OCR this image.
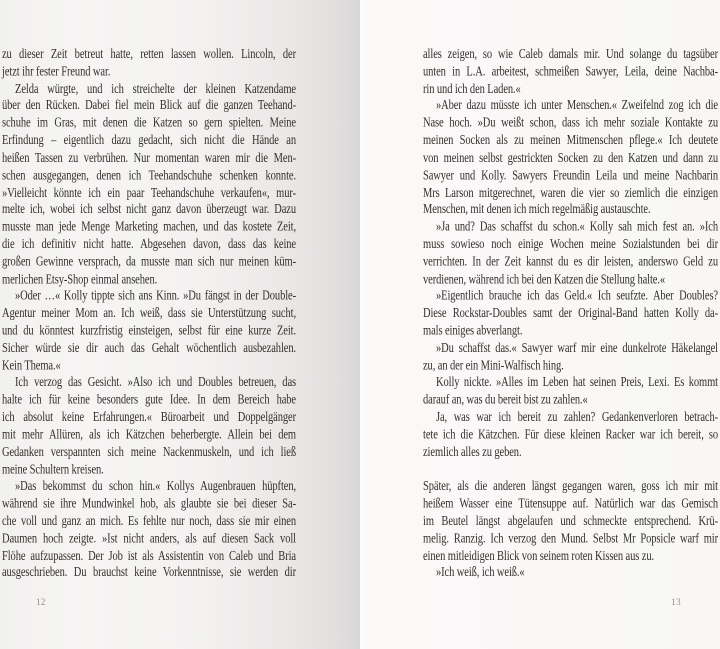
zu dieser Zeit betreut hatte, retten lassen wollen. Lincoln, der
jetzt ihr fester Freund war.
Zelda würgte, und ich streichelte der kleinen Katzendame
über den Rücken. Dabei fiel mein Blick auf die ganzen Teehand-
schuhe im Gras, mit denen die Katzen so gern spielten. Meine
Erfindung – eigentlich dazu gedacht, sich nicht die Hände an
heißen Tassen zu verbrühen. Nur momentan waren mir die Men-
schen ausgegangen, denen ich Teehandschuhe schenken konnte.
»Vielleicht könnte ich ein paar Teehandschuhe verkaufen«, mur-
melte ich, wobei ich selbst nicht ganz davon überzeugt war. Dazu
musste man jede Menge Marketing machen, und das kostete Zeit,
die ich definitiv nicht hatte. Abgesehen davon, dass das keine
großen Gewinne versprach, da musste man sich nur meinen küm-
merlichen Etsy-Shop einmal ansehen.
»Oder …« Kolly tippte sich ans Kinn. »Du fängst in der Double-
Agentur meiner Mom an. Ich weiß, dass sie Unterstützung sucht,
und du könntest kurzfristig einsteigen, selbst für eine kurze Zeit.
Sicher würde sie dir auch das Gehalt wöchentlich ausbezahlen.
Kein Thema.«
Ich verzog das Gesicht. »Also ich und Doubles betreuen, das
halte ich für keine besonders gute Idee. In dem Bereich habe
ich absolut keine Erfahrungen.« Büroarbeit und Doppelgänger
mit mehr Allüren, als ich Kätzchen beherbergte. Allein bei dem
Gedanken verspannten sich meine Nackenmuskeln, und ich ließ
meine Schultern kreisen.
»Das bekommst du schon hin.« Kollys Augenbrauen hüpften,
während sie ihre Mundwinkel hob, als glaubte sie bei dieser Sa-
che voll und ganz an mich. Es fehlte nur noch, dass sie mir einen
Daumen hoch zeigte. »Ist nicht anders, als auf diesen Sack voll
Flöhe aufzupassen. Der Job ist als Assistentin von Caleb und Bria
ausgeschrieben. Du brauchst keine Vorkenntnisse, sie werden dir
12
alles zeigen, so wie Caleb damals mir. Und solange du tagsüber
unten in L.A. arbeitest, schmeißen Sawyer, Leila, deine Nachba-
rin und ich den Laden.«
»Aber dazu müsste ich unter Menschen.« Zweifelnd zog ich die
Nase hoch. »Du weißt schon, dass ich mehr soziale Kontakte zu
meinen Socken als zu meinen Mitmenschen pflege.« Ich deutete
von meinen selbst gestrickten Socken zu den Katzen und dann zu
Sawyer und Kolly. Sawyers Freundin Leila und meine Nachbarin
Mrs Larson mitgerechnet, waren die vier so ziemlich die einzigen
Menschen, mit denen ich mich regelmäßig austauschte.
»Ja und? Das schaffst du schon.« Kolly sah mich fest an. »Ich
muss sowieso noch einige Wochen meine Sozialstunden bei dir
verrichten. In der Zeit kannst du es dir leisten, anderswo Geld zu
verdienen, während ich bei den Katzen die Stellung halte.«
»Eigentlich brauche ich das Geld.« Ich seufzte. Aber Doubles?
Diese Rockstar-Doubles samt der Original-Band hatten Kolly da-
mals einiges abverlangt.
»Du schaffst das.« Sawyer warf mir eine dunkelrote Häkelangel
zu, an der ein Mini-Walfisch hing.
Kolly nickte. »Alles im Leben hat seinen Preis, Lexi. Es kommt
darauf an, was du bereit bist zu zahlen.«
Ja, was war ich bereit zu zahlen? Gedankenverloren betrach-
tete ich die Kätzchen. Für diese kleinen Racker war ich bereit, so
ziemlich alles zu geben.
Später, als die anderen längst gegangen waren, goss ich mir mit
heißem Wasser eine Tütensuppe auf. Natürlich war das Gemisch
im Beutel längst abgelaufen und schmeckte entsprechend. Krü-
melig. Ranzig. Ich verzog den Mund. Selbst Mr Popsicle warf mir
einen mitleidigen Blick von seinem roten Kissen aus zu.
»Ich weiß, ich weiß.«
13
